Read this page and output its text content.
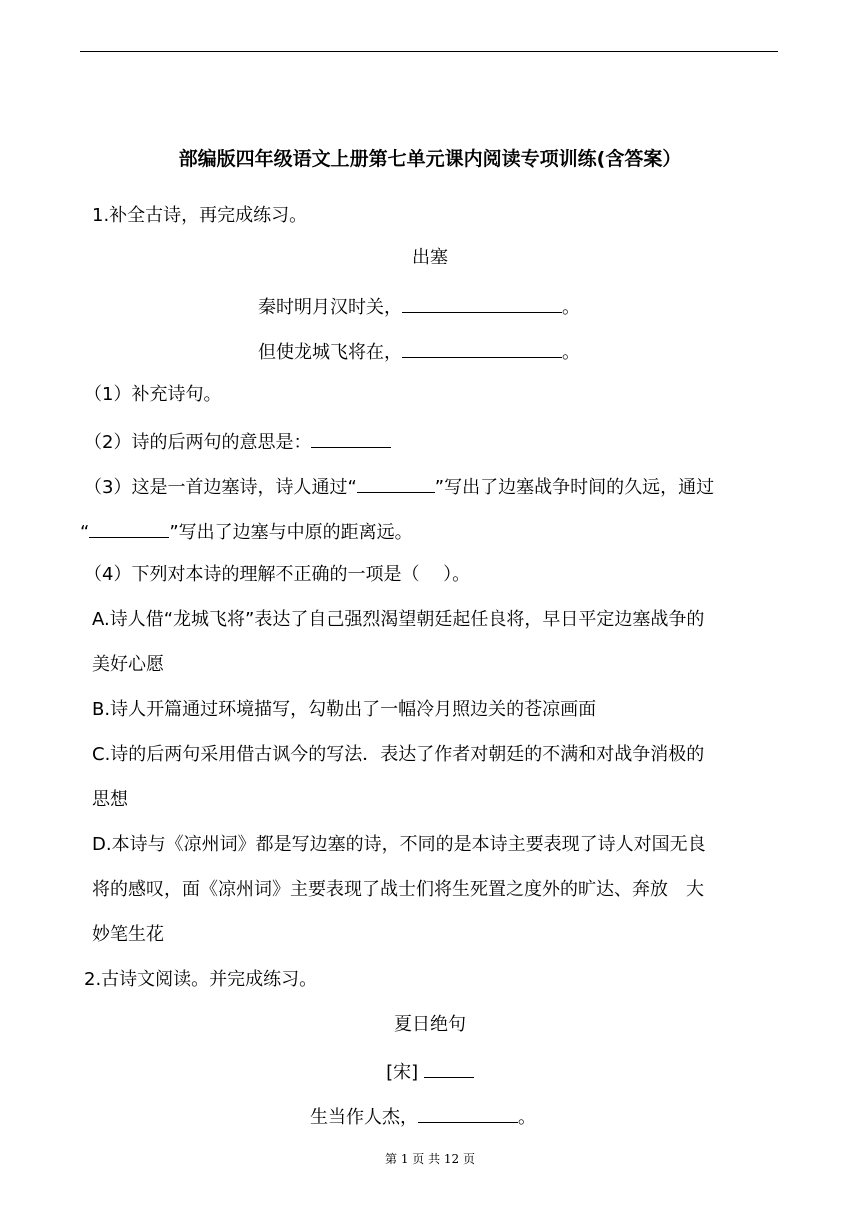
部编版四年级语文上册第七单元课内阅读专项训练(含答案）
1.补全古诗，再完成练习。
出塞
秦时明月汉时关，	。
但使龙城飞将在，	。
（1）补充诗句。
（2）诗的后两句的意思是：
（3）这是一首边塞诗，诗人通过“	”写出了边塞战争时间的久远，通过
“	”写出了边塞与中原的距离远。
（4）下列对本诗的理解不正确的一项是（　 ）。
A.诗人借“龙城飞将”表达了自己强烈渴望朝廷起任良将，早日平定边塞战争的
美好心愿
B.诗人开篇通过环境描写，勾勒出了一幅冷月照边关的苍凉画面
C.诗的后两句采用借古讽今的写法．表达了作者对朝廷的不满和对战争消极的
思想
D.本诗与《凉州词》都是写边塞的诗，不同的是本诗主要表现了诗人对国无良
将的感叹，面《凉州词》主要表现了战士们将生死置之度外的旷达、奔放　大
妙笔生花
2.古诗文阅读。并完成练习。
夏日绝句
[宋]
生当作人杰，	。
第 1 页 共 12 页
